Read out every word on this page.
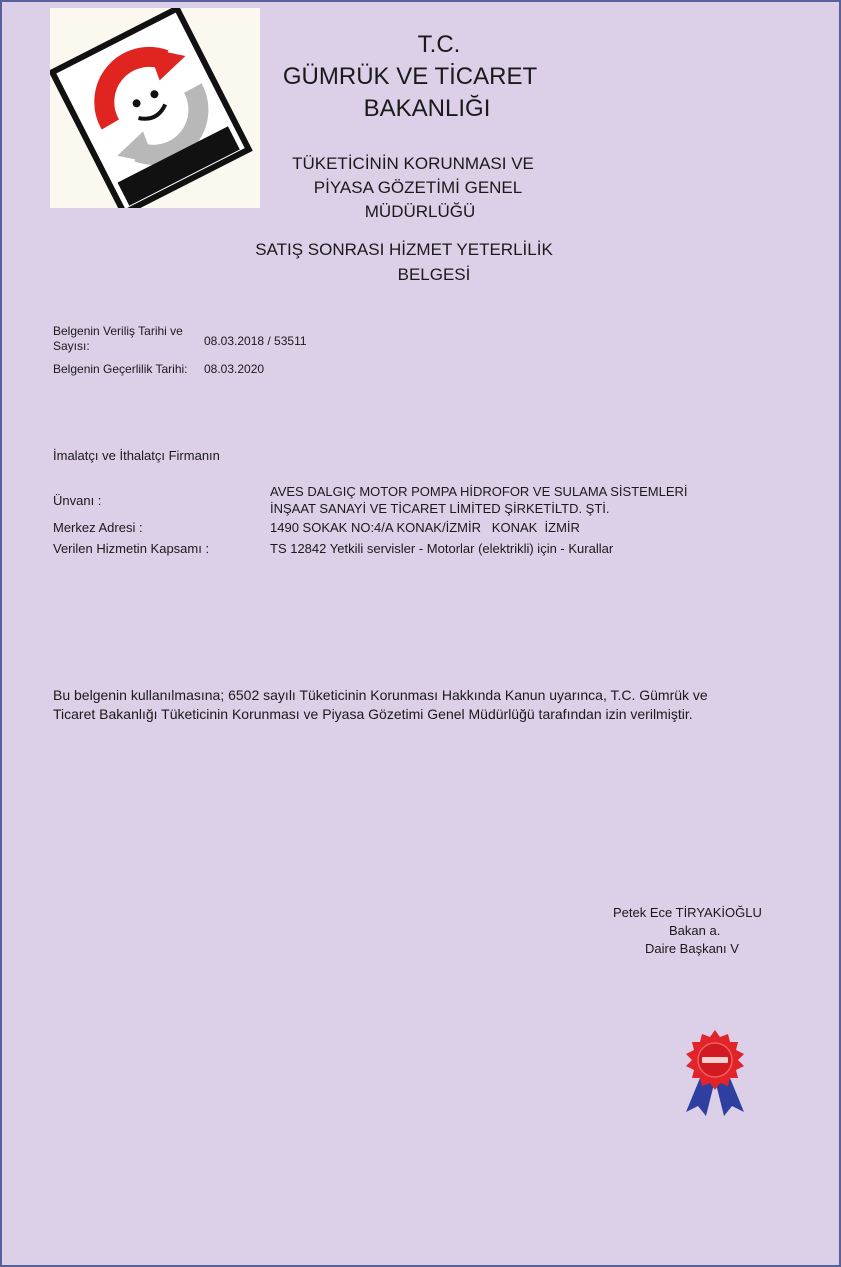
T.C.
GÜMRÜK VE TİCARET
BAKANLIĞI
TÜKETİCİNİN KORUNMASI VE
PİYASA GÖZETİMİ GENEL
MÜDÜRLÜĞÜ
SATIŞ SONRASI HİZMET YETERLİLİK
BELGESİ
Belgenin Veriliş Tarihi ve
Sayısı:	08.03.2018 / 53511
Belgenin Geçerlilik Tarihi: 08.03.2020
İmalatçı ve İthalatçı Firmanın
Ünvanı :
AVES DALGIÇ MOTOR POMPA HİDROFOR VE SULAMA SİSTEMLERİ
İNŞAAT SANAYİ VE TİCARET LİMİTED ŞİRKETİLTD. ŞTİ.
Merkez Adresi :	1490 SOKAK NO:4/A KONAK/İZMİR   KONAK  İZMİR
Verilen Hizmetin Kapsamı :	TS 12842 Yetkili servisler - Motorlar (elektrikli) için - Kurallar
Bu belgenin kullanılmasına; 6502 sayılı Tüketicinin Korunması Hakkında Kanun uyarınca, T.C. Gümrük ve
Ticaret Bakanlığı Tüketicinin Korunması ve Piyasa Gözetimi Genel Müdürlüğü tarafından izin verilmiştir.
Petek Ece TİRYAKİOĞLU
Bakan a.
Daire Başkanı V
